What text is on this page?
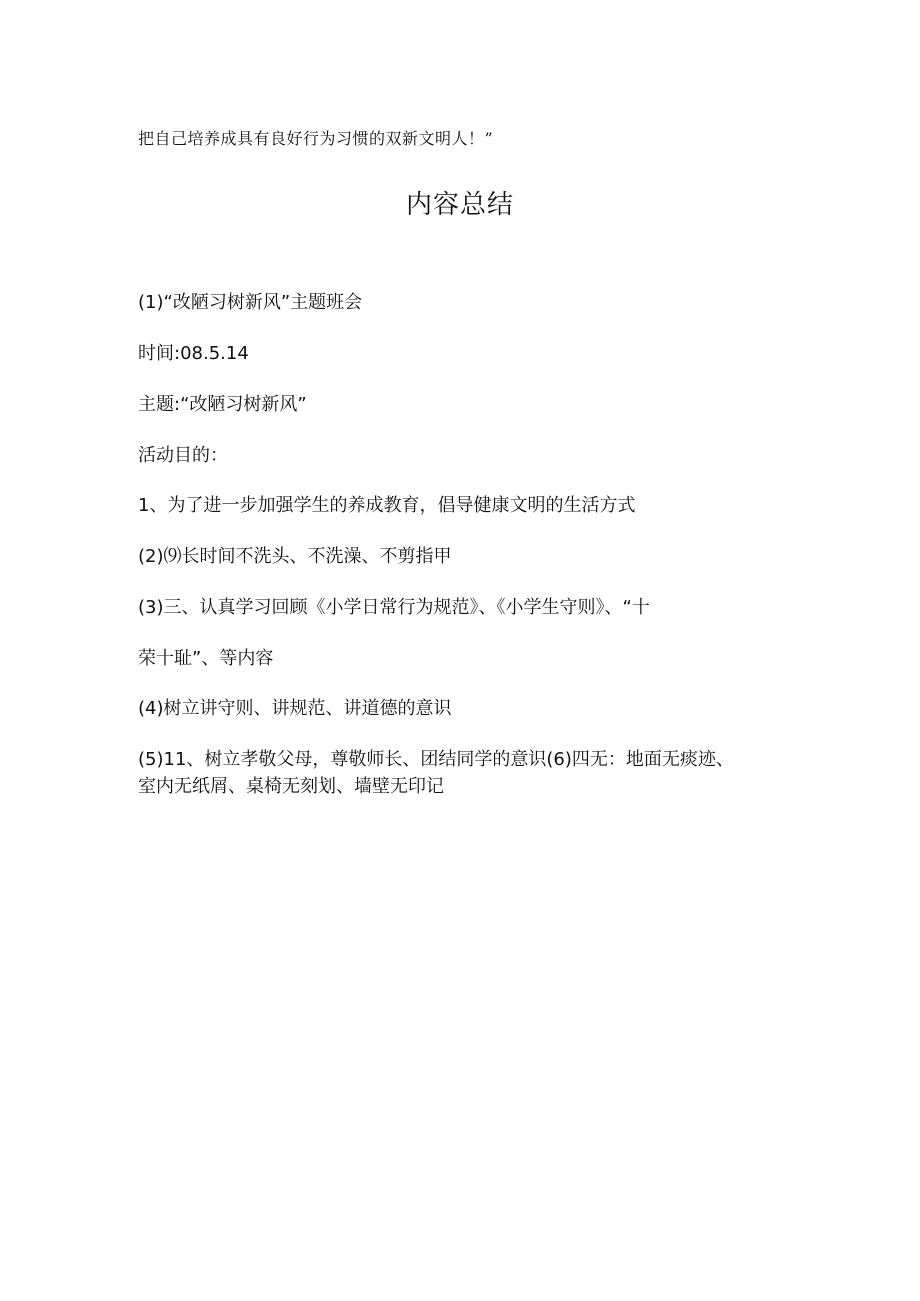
把自己培养成具有良好行为习惯的双新文明人！”
内容总结
(1)“改陋习树新风”主题班会
时间:08.5.14
主题:“改陋习树新风”
活动目的：
1、为了进一步加强学生的养成教育，倡导健康文明的生活方式
(2)⑼长时间不洗头、不洗澡、不剪指甲
(3)三、认真学习回顾《小学日常行为规范》、《小学生守则》、“十
荣十耻”、等内容
(4)树立讲守则、讲规范、讲道德的意识
(5)11、树立孝敬父母，尊敬师长、团结同学的意识(6)四无：地面无痰迹、
室内无纸屑、桌椅无刻划、墙壁无印记
